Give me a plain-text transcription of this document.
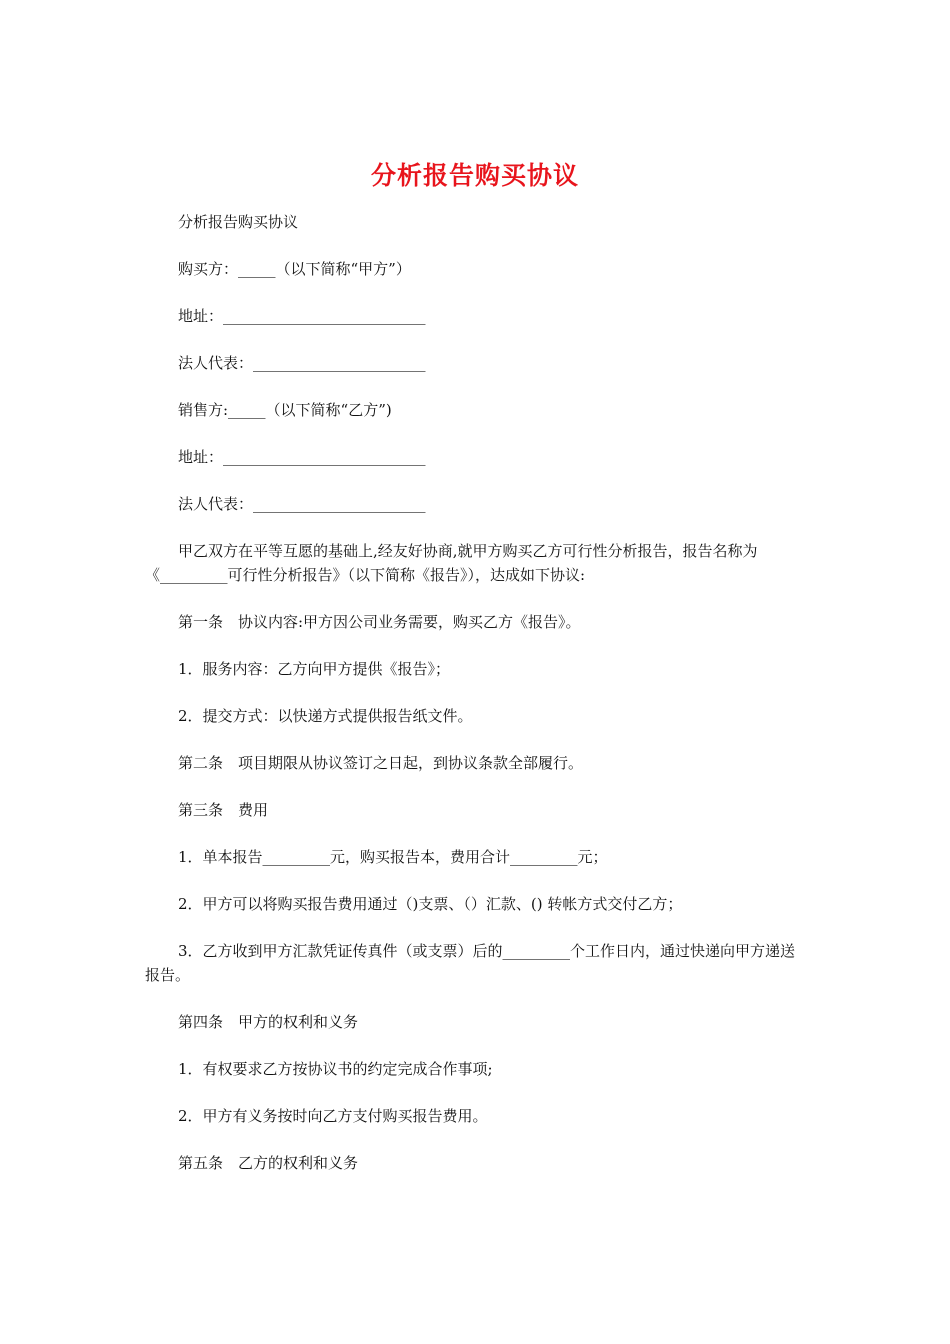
分析报告购买协议

分析报告购买协议

购买方：_____（以下简称“甲方”）

地址：___________________________

法人代表：_______________________

销售方:_____（以下简称“乙方”)

地址：___________________________

法人代表：_______________________

甲乙双方在平等互愿的基础上,经友好协商,就甲方购买乙方可行性分析报告，报告名称为《_________可行性分析报告》（以下简称《报告》），达成如下协议:

第一条　协议内容:甲方因公司业务需要，购买乙方《报告》。

1．服务内容：乙方向甲方提供《报告》；

2．提交方式：以快递方式提供报告纸文件。

第二条　项目期限从协议签订之日起，到协议条款全部履行。

第三条　费用

1．单本报告_________元，购买报告本，费用合计_________元；

2．甲方可以将购买报告费用通过（)支票、（）汇款、() 转帐方式交付乙方；

3．乙方收到甲方汇款凭证传真件（或支票）后的_________个工作日内，通过快递向甲方递送报告。

第四条　甲方的权利和义务

1．有权要求乙方按协议书的约定完成合作事项;

2．甲方有义务按时向乙方支付购买报告费用。

第五条　乙方的权利和义务
